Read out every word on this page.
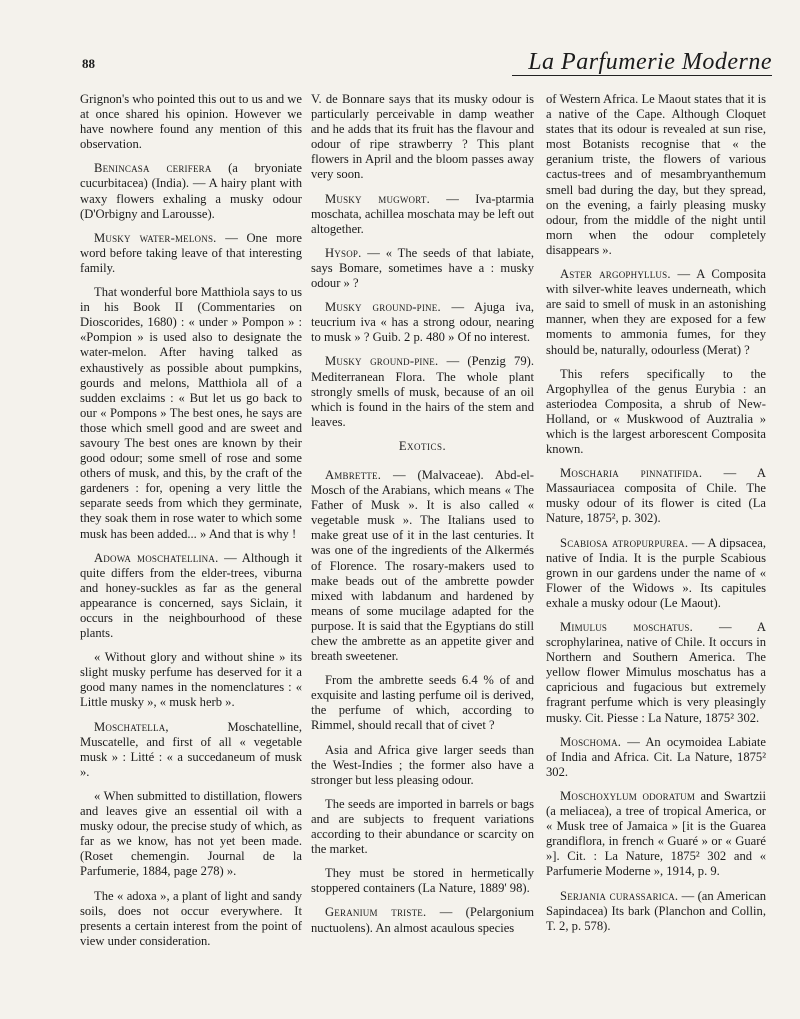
88	La Parfumerie Moderne

Grignon's who pointed this out to us and we at once shared his opinion. However we have nowhere found any mention of this observation.

Benincasa cerifera (a bryoniate cucurbitacea) (India). — A hairy plant with waxy flowers exhaling a musky odour (D'Orbigny and Larousse).

Musky water-melons. — One more word before taking leave of that interesting family.

That wonderful bore Matthiola says to us in his Book II (Commentaries on Dioscorides, 1680) : « under » Pompon » : «Pompion » is used also to designate the water-melon. After having talked as exhaustively as possible about pumpkins, gourds and melons, Matthiola all of a sudden exclaims : « But let us go back to our « Pompons » The best ones, he says are those which smell good and are sweet and savoury The best ones are known by their good odour; some smell of rose and some others of musk, and this, by the craft of the gardeners : for, opening a very little the separate seeds from which they germinate, they soak them in rose water to which some musk has been added... » And that is why !

Adowa moschatellina. — Although it quite differs from the elder-trees, viburna and honey-suckles as far as the general appearance is concerned, says Siclain, it occurs in the neighbourhood of these plants.

« Without glory and without shine » its slight musky perfume has deserved for it a good many names in the nomenclatures : « Little musky », « musk herb ».

Moschatella, Moschatelline, Muscatelle, and first of all « vegetable musk » : Litté : « a succedaneum of musk ».

« When submitted to distillation, flowers and leaves give an essential oil with a musky odour, the precise study of which, as far as we know, has not yet been made. (Roset chemengin. Journal de la Parfumerie, 1884, page 278) ».

The « adoxa », a plant of light and sandy soils, does not occur everywhere. It presents a certain interest from the point of view under consideration.

V. de Bonnare says that its musky odour is particularly perceivable in damp weather and he adds that its fruit has the flavour and odour of ripe strawberry ? This plant flowers in April and the bloom passes away very soon.

Musky mugwort. — Iva-ptarmia moschata, achillea moschata may be left out altogether.

Hysop. — « The seeds of that labiate, says Bomare, sometimes have a : musky odour » ?

Musky ground-pine. — Ajuga iva, teucrium iva « has a strong odour, nearing to musk » ? Guib. 2 p. 480 » Of no interest.

Musky ground-pine. — (Penzig 79). Mediterranean Flora. The whole plant strongly smells of musk, because of an oil which is found in the hairs of the stem and leaves.

Exotics.

Ambrette. — (Malvaceae). Abd-el-Mosch of the Arabians, which means « The Father of Musk ». It is also called « vegetable musk ». The Italians used to make great use of it in the last centuries. It was one of the ingredients of the Alkermés of Florence. The rosary-makers used to make beads out of the ambrette powder mixed with labdanum and hardened by means of some mucilage adapted for the purpose. It is said that the Egyptians do still chew the ambrette as an appetite giver and breath sweetener.

From the ambrette seeds 6.4 % of and exquisite and lasting perfume oil is derived, the perfume of which, according to Rimmel, should recall that of civet ?

Asia and Africa give larger seeds than the West-Indies ; the former also have a stronger but less pleasing odour.

The seeds are imported in barrels or bags and are subjects to frequent variations according to their abundance or scarcity on the market.

They must be stored in hermetically stoppered containers (La Nature, 1889' 98).

Geranium triste. — (Pelargonium nuctuolens). An almost acaulous species

of Western Africa. Le Maout states that it is a native of the Cape. Although Cloquet states that its odour is revealed at sun rise, most Botanists recognise that « the geranium triste, the flowers of various cactus-trees and of mesambryanthemum smell bad during the day, but they spread, on the evening, a fairly pleasing musky odour, from the middle of the night until morn when the odour completely disappears ».

Aster argophyllus. — A Composita with silver-white leaves underneath, which are said to smell of musk in an astonishing manner, when they are exposed for a few moments to ammonia fumes, for they should be, naturally, odourless (Merat) ?

This refers specifically to the Argophyllea of the genus Eurybia : an asteriodea Composita, a shrub of New-Holland, or « Muskwood of Auztralia » which is the largest arborescent Composita known.

Moscharia pinnatifida. — A Massauriacea composita of Chile. The musky odour of its flower is cited (La Nature, 1875², p. 302).

Scabiosa atropurpurea. — A dipsacea, native of India. It is the purple Scabious grown in our gardens under the name of « Flower of the Widows ». Its capitules exhale a musky odour (Le Maout).

Mimulus moschatus. — A scrophylarinea, native of Chile. It occurs in Northern and Southern America. The yellow flower Mimulus moschatus has a capricious and fugacious but extremely fragrant perfume which is very pleasingly musky. Cit. Piesse : La Nature, 1875² 302.

Moschoma. — An ocymoidea Labiate of India and Africa. Cit. La Nature, 1875² 302.

Moschoxylum odoratum and Swartzii (a meliacea), a tree of tropical America, or « Musk tree of Jamaica » [it is the Guarea grandiflora, in french « Guaré » or « Guaré »]. Cit. : La Nature, 1875² 302 and « Parfumerie Moderne », 1914, p. 9.

Serjania curassarica. — (an American Sapindacea) Its bark (Planchon and Collin, T. 2, p. 578).
